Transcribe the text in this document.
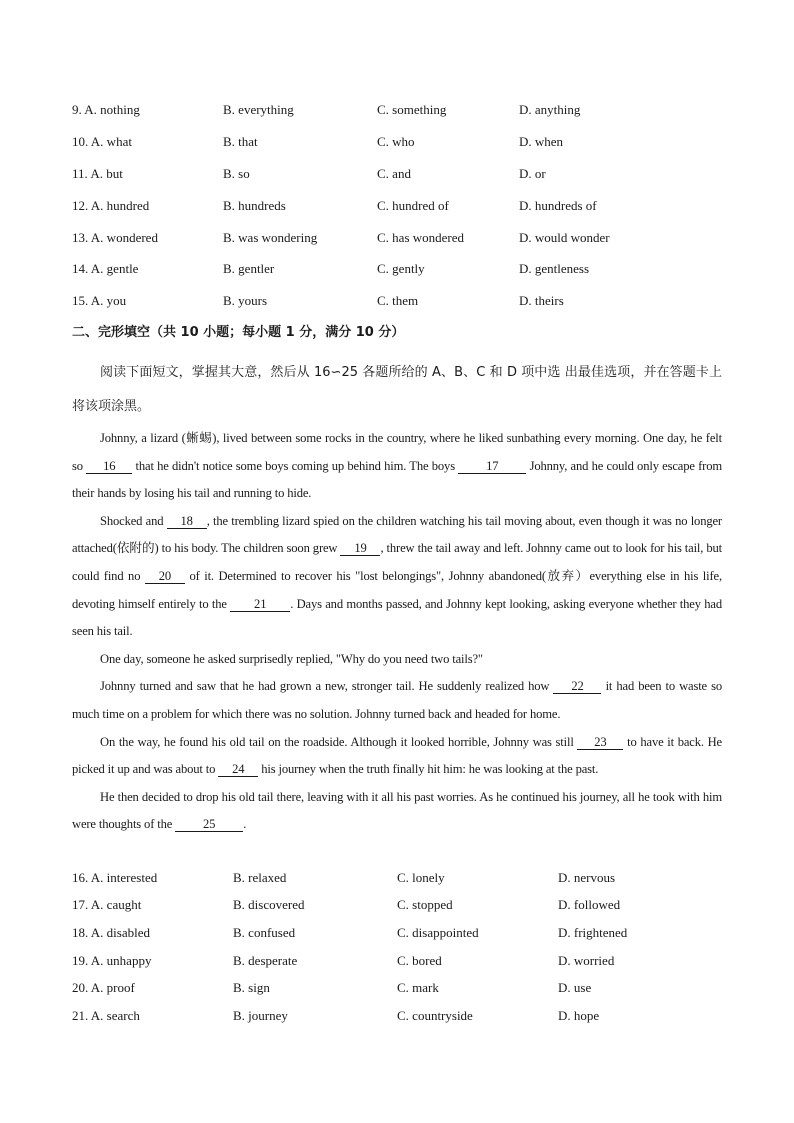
9. A. nothing	B. everything	C. something	D. anything
10. A. what	B. that	C. who	D. when
11. A. but	B. so	C. and	D. or
12. A. hundred	B. hundreds	C. hundred of	D. hundreds of
13. A. wondered	B. was wondering	C. has wondered	D. would wonder
14. A. gentle	B. gentler	C. gently	D. gentleness
15. A. you	B. yours	C. them	D. theirs
二、完形填空（共 10 小题；每小题 1 分，满分 10 分）
阅读下面短文，掌握其大意，然后从 16∽25 各题所给的 A、B、C 和 D 项中选 出最佳选项，并在答题卡上将该项涂黑。

Johnny, a lizard (蜥蜴), lived between some rocks in the country, where he liked sunbathing every morning. One day, he felt so 16 that he didn't notice some boys coming up behind him. The boys 17 Johnny, and he could only escape from their hands by losing his tail and running to hide.

Shocked and 18 , the trembling lizard spied on the children watching his tail moving about, even though it was no longer attached(依附的) to his body. The children soon grew 19 , threw the tail away and left. Johnny came out to look for his tail, but could find no 20 of it. Determined to recover his "lost belongings", Johnny abandoned(放弃）everything else in his life, devoting himself entirely to the 21 . Days and months passed, and Johnny kept looking, asking everyone whether they had seen his tail.

One day, someone he asked surprisedly replied, "Why do you need two tails?"

Johnny turned and saw that he had grown a new, stronger tail. He suddenly realized how 22 it had been to waste so much time on a problem for which there was no solution. Johnny turned back and headed for home.

On the way, he found his old tail on the roadside. Although it looked horrible, Johnny was still 23 to have it back. He picked it up and was about to 24 his journey when the truth finally hit him: he was looking at the past.

He then decided to drop his old tail there, leaving with it all his past worries. As he continued his journey, all he took with him were thoughts of the 25 .

16. A. interested	B. relaxed	C. lonely	D. nervous
17. A. caught	B. discovered	C. stopped	D. followed
18. A. disabled	B. confused	C. disappointed	D. frightened
19. A. unhappy	B. desperate	C. bored	D. worried
20. A. proof	B. sign	C. mark	D. use
21. A. search	B. journey	C. countryside	D. hope
